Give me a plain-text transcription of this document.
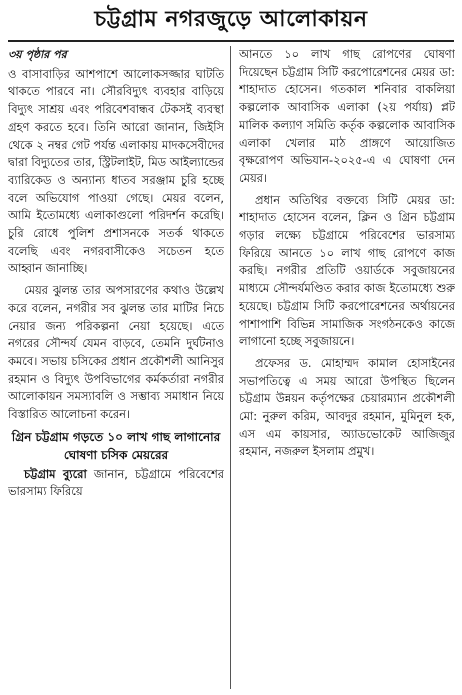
চট্টগ্রাম নগরজুড়ে আলোকায়ন
৩য় পৃষ্ঠার পর

ও বাসাবাড়ির আশপাশে আলোকসজ্জার ঘাটতি থাকতে পারবে না। সৌরবিদ্যুৎ ব্যবহার বাড়িয়ে বিদ্যুৎ সাশ্রয় এবং পরিবেশবান্ধব টেকসই ব্যবস্থা গ্রহণ করতে হবে। তিনি আরো জানান, জিইসি থেকে ২ নম্বর গেট পর্যন্ত এলাকায় মাদকসেবীদের দ্বারা বিদ্যুতের তার, স্ট্রিটলাইট, মিড আইল্যান্ডের ব্যারিকেড ও অন্যান্য ধাতব সরঞ্জাম চুরি হচ্ছে বলে অভিযোগ পাওয়া গেছে। মেয়র বলেন, আমি ইতোমধ্যে এলাকাগুলো পরিদর্শন করেছি। চুরি রোধে পুলিশ প্রশাসনকে সতর্ক থাকতে বলেছি এবং নগরবাসীকেও সচেতন হতে আহ্বান জানাচ্ছি।

মেয়র ঝুলন্ত তার অপসারণের কথাও উল্লেখ করে বলেন, নগরীর সব ঝুলন্ত তার মাটির নিচে নেয়ার জন্য পরিকল্পনা নেয়া হয়েছে। এতে নগরের সৌন্দর্য যেমন বাড়বে, তেমনি দুর্ঘটনাও কমবে। সভায় চসিকের প্রধান প্রকৌশলী আনিসুর রহমান ও বিদ্যুৎ উপবিভাগের কর্মকর্তারা নগরীর আলোকায়ন সমস্যাবলি ও সম্ভাব্য সমাধান নিয়ে বিস্তারিত আলোচনা করেন।

গ্রিন চট্টগ্রাম গড়তে ১০ লাখ গাছ লাগানোর ঘোষণা চসিক মেয়রের

চট্টগ্রাম ব্যুরো জানান, চট্টগ্রামে পরিবেশের ভারসাম্য ফিরিয়ে

আনতে ১০ লাখ গাছ রোপণের ঘোষণা দিয়েছেন চট্টগ্রাম সিটি করপোরেশনের মেয়র ডা: শাহাদাত হোসেন। গতকাল শনিবার বাকলিয়া কল্পলোক আবাসিক এলাকা (২য় পর্যায়) প্লট মালিক কল্যাণ সমিতি কর্তৃক কল্পলোক আবাসিক এলাকা খেলার মাঠ প্রাঙ্গণে আয়োজিত বৃক্ষরোপণ অভিযান-২০২৫-এ এ ঘোষণা দেন মেয়র।

প্রধান অতিথির বক্তব্যে সিটি মেয়র ডা: শাহাদাত হোসেন বলেন, ক্লিন ও গ্রিন চট্টগ্রাম গড়ার লক্ষ্যে চট্টগ্রামে পরিবেশের ভারসাম্য ফিরিয়ে আনতে ১০ লাখ গাছ রোপণে কাজ করছি। নগরীর প্রতিটি ওয়ার্ডকে সবুজায়নের মাধ্যমে সৌন্দর্যমণ্ডিত করার কাজ ইতোমধ্যে শুরু হয়েছে। চট্টগ্রাম সিটি করপোরেশনের অর্থায়নের পাশাপাশি বিভিন্ন সামাজিক সংগঠনকেও কাজে লাগানো হচ্ছে সবুজায়নে।

প্রফেসর ড. মোহাম্মদ কামাল হোসাইনের সভাপতিত্বে এ সময় আরো উপস্থিত ছিলেন চট্টগ্রাম উন্নয়ন কর্তৃপক্ষের চেয়ারম্যান প্রকৌশলী মো: নুরুল করিম, আবদুর রহমান, মুমিনুল হক, এস এম কায়সার, অ্যাডভোকেট আজিজুর রহমান, নজরুল ইসলাম প্রমুখ।
